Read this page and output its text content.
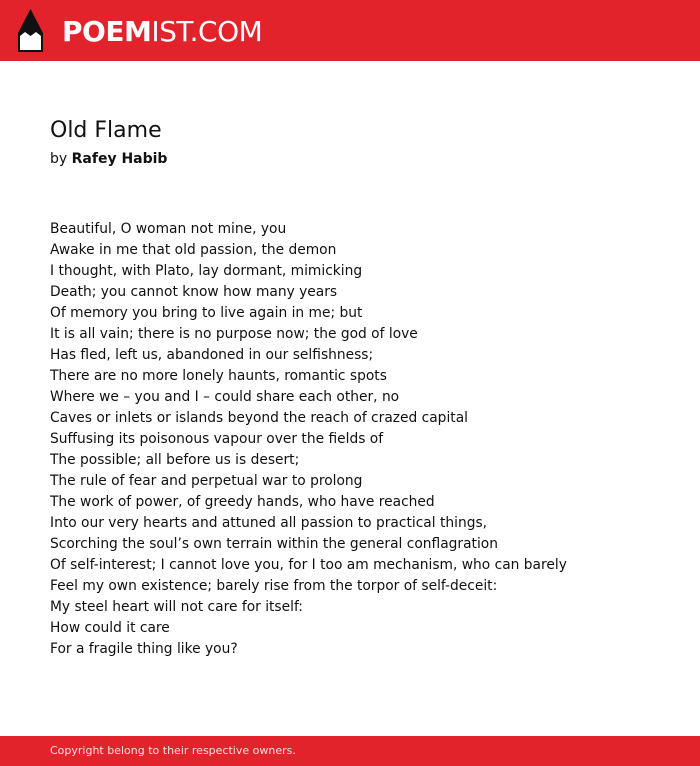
POEMIST.COM
Old Flame
by Rafey Habib
Beautiful, O woman not mine, you
Awake in me that old passion, the demon
I thought, with Plato, lay dormant, mimicking
Death; you cannot know how many years
Of memory you bring to live again in me; but
It is all vain; there is no purpose now; the god of love
Has fled, left us, abandoned in our selfishness;
There are no more lonely haunts, romantic spots
Where we – you and I – could share each other, no
Caves or inlets or islands beyond the reach of crazed capital
Suffusing its poisonous vapour over the fields of
The possible; all before us is desert;
The rule of fear and perpetual war to prolong
The work of power, of greedy hands, who have reached
Into our very hearts and attuned all passion to practical things,
Scorching the soul’s own terrain within the general conflagration
Of self-interest; I cannot love you, for I too am mechanism, who can barely
Feel my own existence; barely rise from the torpor of self-deceit:
My steel heart will not care for itself:
How could it care
For a fragile thing like you?
Copyright belong to their respective owners.
